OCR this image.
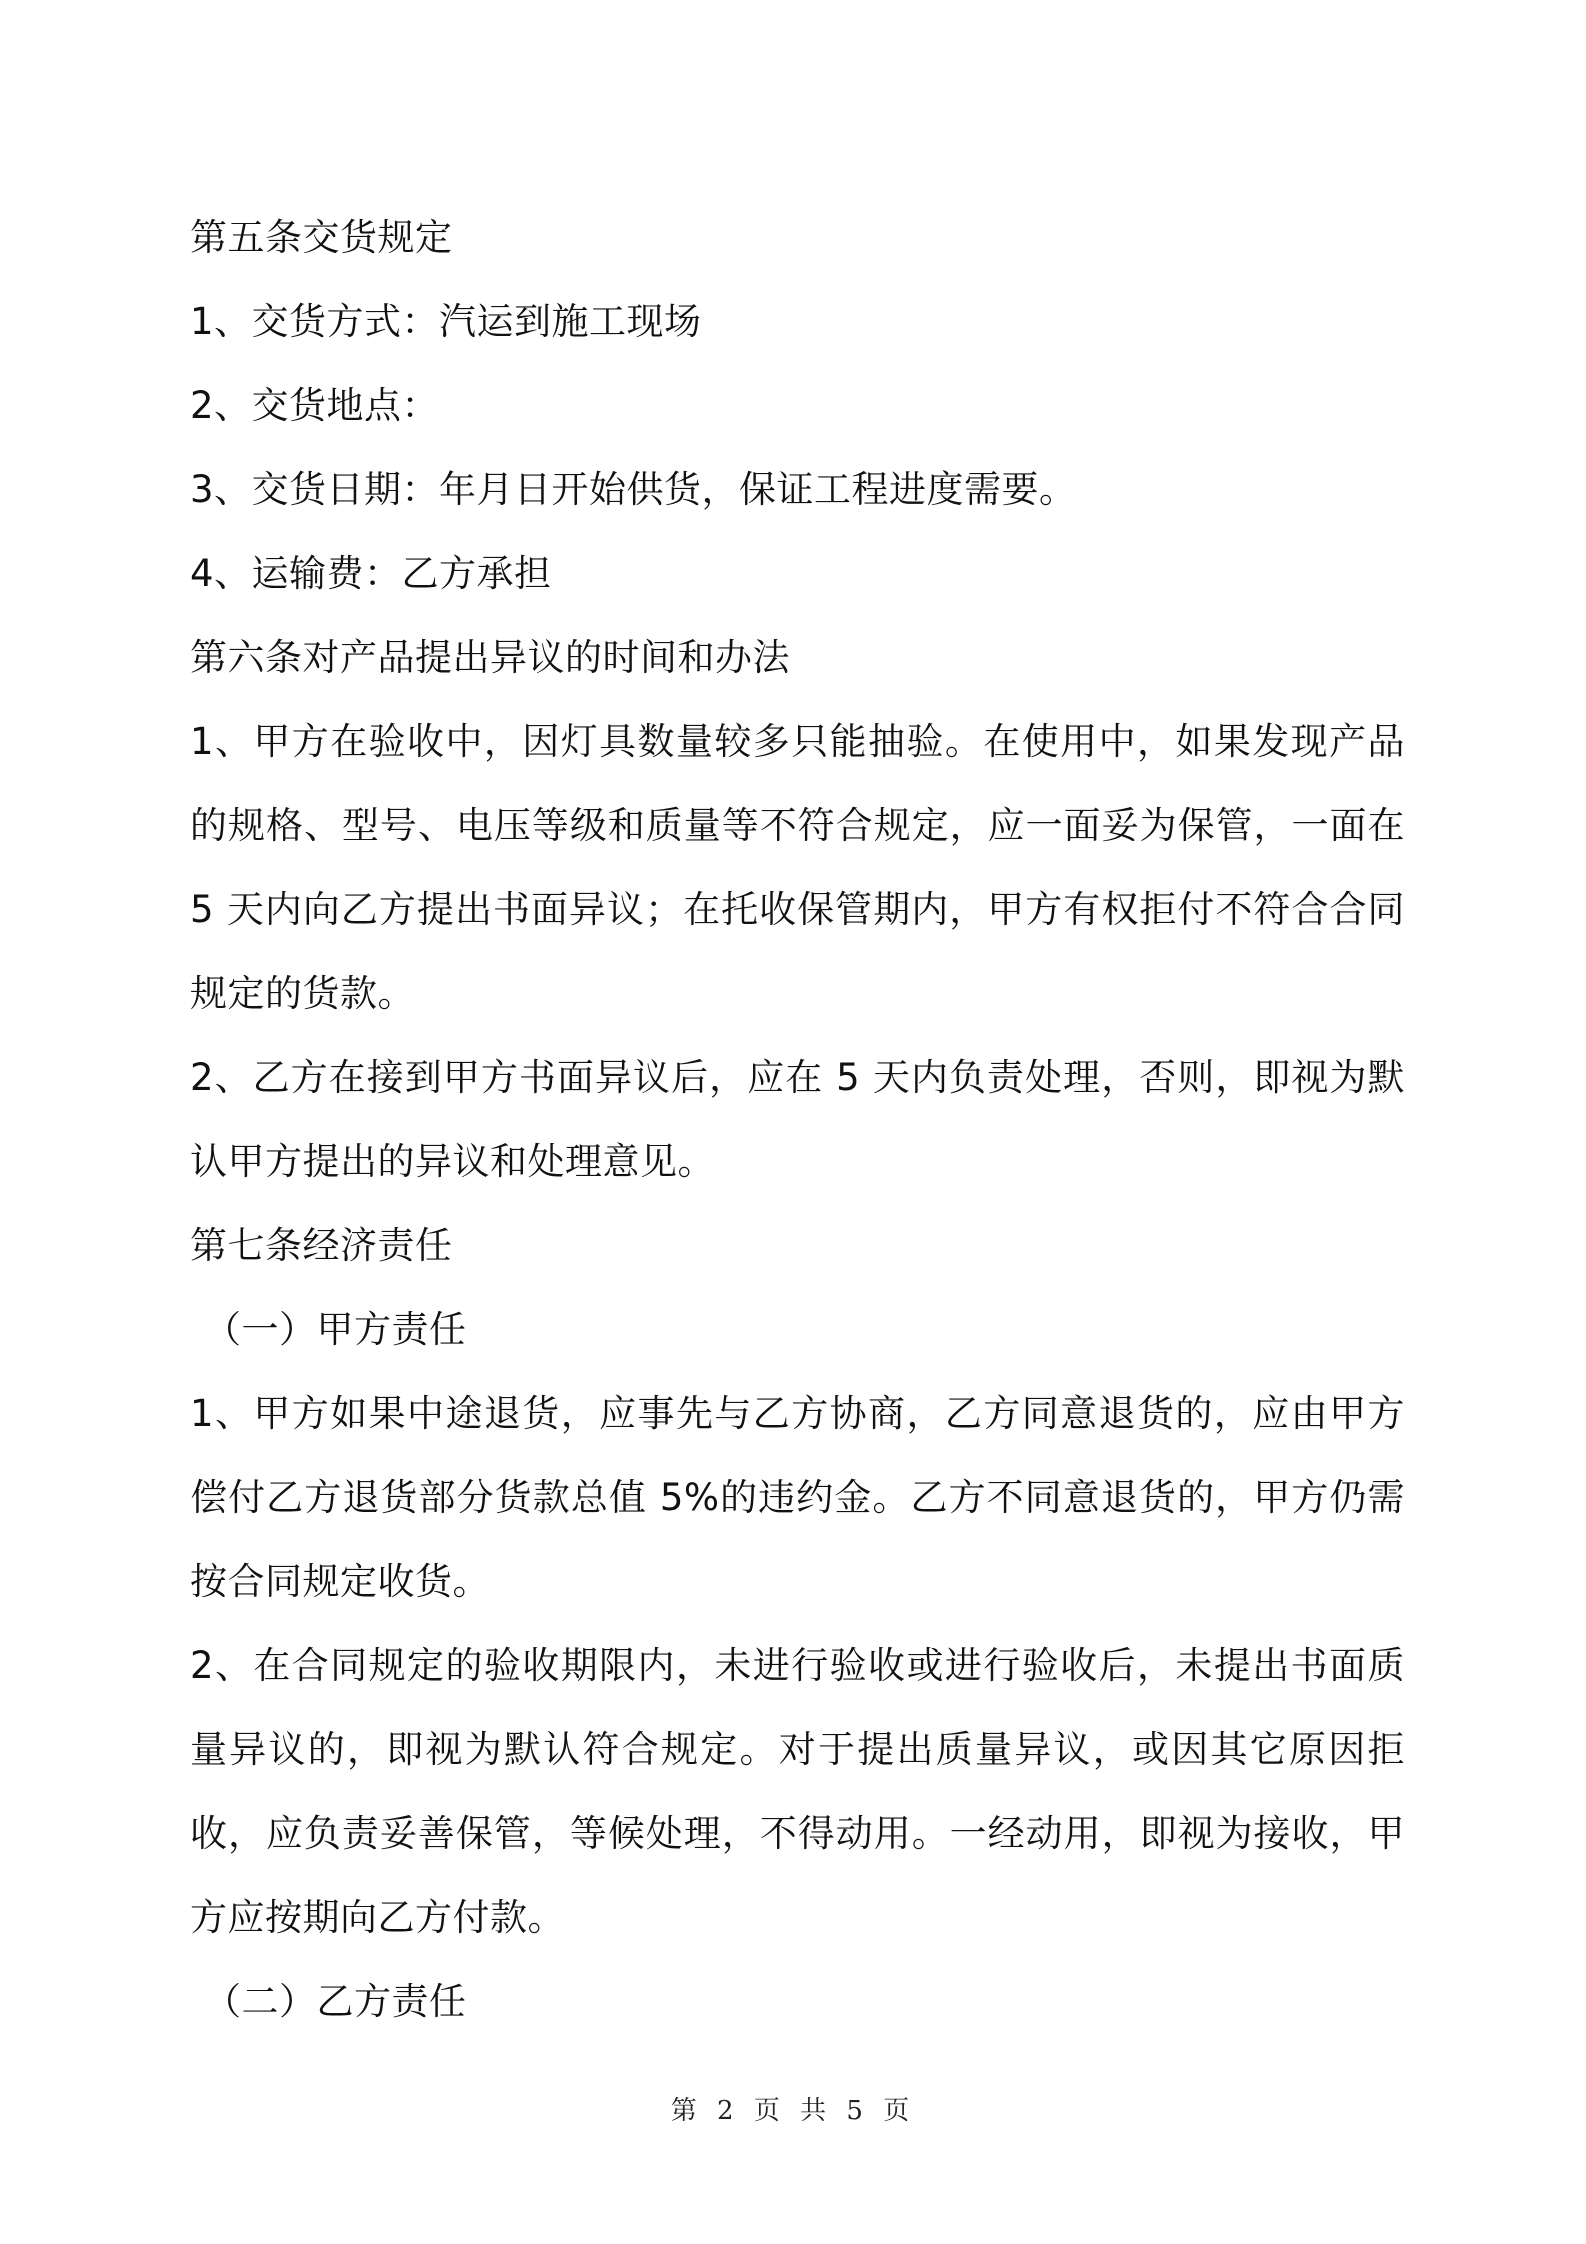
第五条交货规定
1、交货方式：汽运到施工现场
2、交货地点：
3、交货日期：年月日开始供货，保证工程进度需要。
4、运输费：乙方承担
第六条对产品提出异议的时间和办法
1、甲方在验收中，因灯具数量较多只能抽验。在使用中，如果发现产品的规格、型号、电压等级和质量等不符合规定，应一面妥为保管，一面在 5 天内向乙方提出书面异议；在托收保管期内，甲方有权拒付不符合合同规定的货款。
2、乙方在接到甲方书面异议后，应在 5 天内负责处理，否则，即视为默认甲方提出的异议和处理意见。
第七条经济责任
（一）甲方责任
1、甲方如果中途退货，应事先与乙方协商，乙方同意退货的，应由甲方偿付乙方退货部分货款总值 5%的违约金。乙方不同意退货的，甲方仍需按合同规定收货。
2、在合同规定的验收期限内，未进行验收或进行验收后，未提出书面质量异议的，即视为默认符合规定。对于提出质量异议，或因其它原因拒收，应负责妥善保管，等候处理，不得动用。一经动用，即视为接收，甲方应按期向乙方付款。
（二）乙方责任
第 2 页 共 5 页
